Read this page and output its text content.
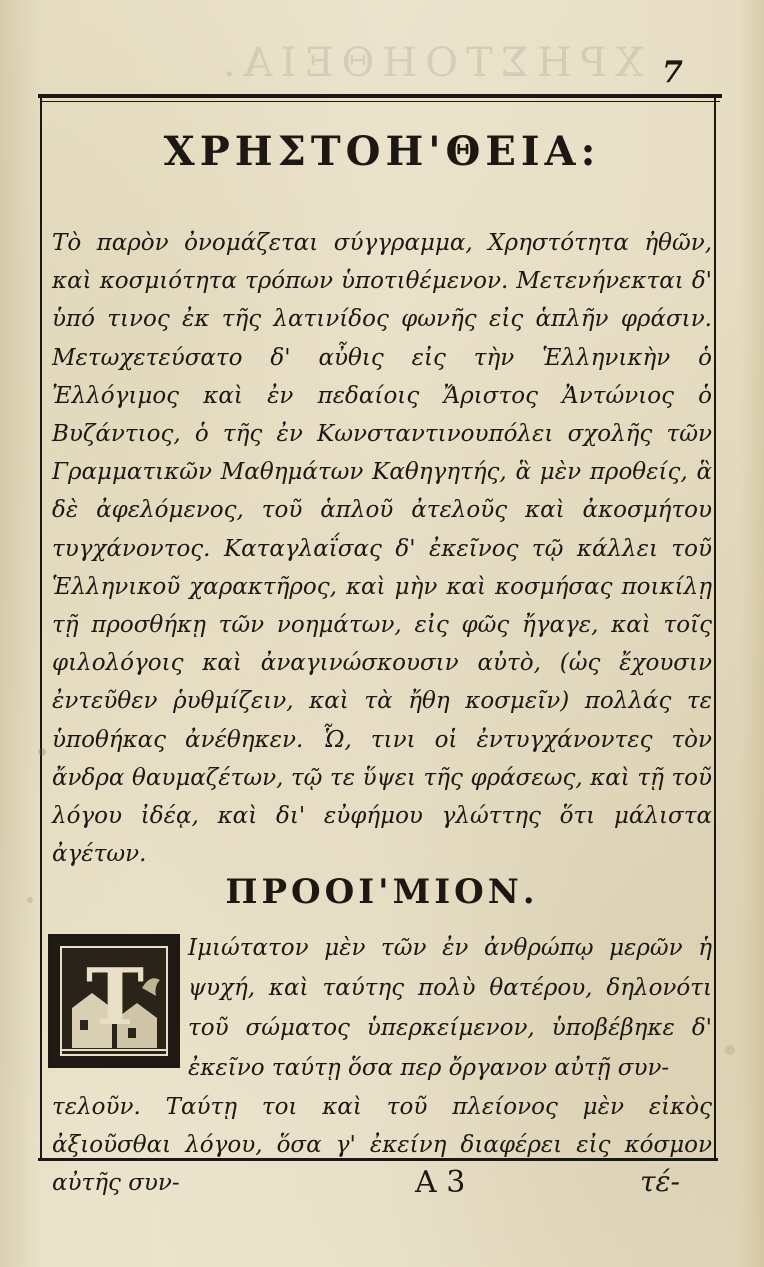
ΧΡΗΣΤΟΗΘΕΙΑ. 7
ΧΡΗΣΤΟΗ'ΘΕΙΑ:
Τὸ παρὸν ὀνομάζεται σύγγραμμα, Χρηστότητα ἠθῶν, καὶ κοσμιότητα τρόπων ὑποτιθέμενον. Μετενήνεκται δ' ὑπό τινος ἐκ τῆς λατινίδος φωνῆς εἰς ἁπλῆν φράσιν. Μετωχετεύσατο δ' αὖθις εἰς τὴν Ἑλληνικὴν ὁ Ἐλλόγιμος καὶ ἐν πεδαίοις Ἄριστος Ἀντώνιος ὁ Βυζάντιος, ὁ τῆς ἐν Κωνσταντινουπόλει σχολῆς τῶν Γραμματικῶν Μαθημάτων Καθηγητής, ἃ μὲν προθείς, ἃ δὲ ἀφελόμενος, τοῦ ἁπλοῦ ἀτελοῦς καὶ ἀκοσμήτου τυγχάνοντος. Καταγλαΐσας δ' ἐκεῖνος τῷ κάλλει τοῦ Ἑλληνικοῦ χαρακτῆρος, καὶ μὴν καὶ κοσμήσας ποικίλῃ τῇ προσθήκῃ τῶν νοημάτων, εἰς φῶς ἤγαγε, καὶ τοῖς φιλολόγοις καὶ ἀναγινώσκουσιν αὐτὸ, (ὡς ἔχουσιν ἐντεῦθεν ῥυθμίζειν, καὶ τὰ ἤθη κοσμεῖν) πολλάς τε ὑποθήκας ἀνέθηκεν. Ὧ, τινι οἱ ἐντυγχάνοντες τὸν ἄνδρα θαυμαζέτων, τῷ τε ὕψει τῆς φράσεως, καὶ τῇ τοῦ λόγου ἰδέᾳ, καὶ δι' εὐφήμου γλώττης ὅτι μάλιστα ἀγέτων.
ΠΡΟΟΙ'ΜΙΟΝ.
T
Ιμιώτατον μὲν τῶν ἐν ἀνθρώπῳ μερῶν ἡ ψυχή, καὶ ταύτης πολὺ θατέρου, δηλονότι τοῦ σώματος ὑπερκείμενον, ὑποβέβηκε δ' ἐκεῖνο ταύτῃ ὅσα περ ὄργανον αὐτῇ συν-
τελοῦν. Ταύτῃ τοι καὶ τοῦ πλείονος μὲν εἰκὸς ἀξιοῦσθαι λόγου, ὅσα γ' ἐκείνη διαφέρει εἰς κόσμον αὐτῆς συν-	Α 3	τέ-
